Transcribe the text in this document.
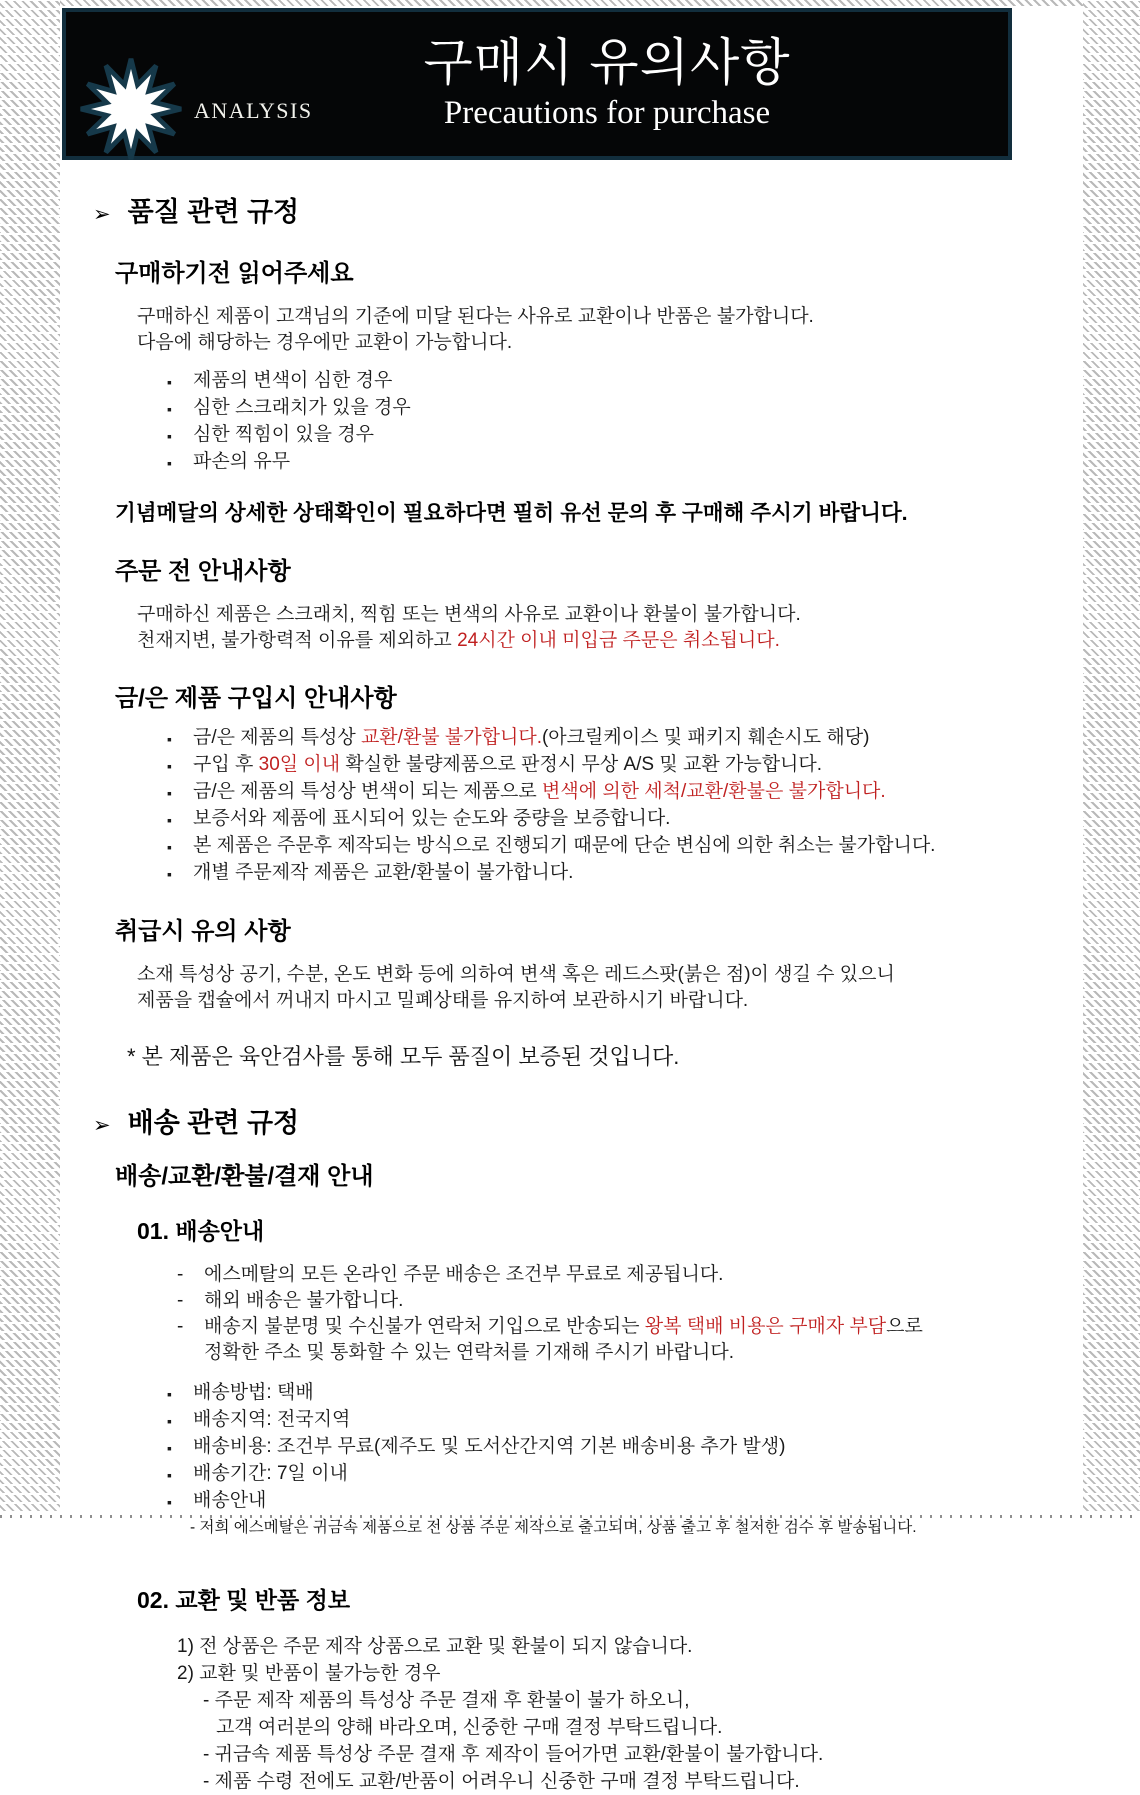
ANALYSIS
구매시 유의사항
Precautions for purchase
➢ 품질 관련 규정
구매하기전 읽어주세요
구매하신 제품이 고객님의 기준에 미달 된다는 사유로 교환이나 반품은 불가합니다.
다음에 해당하는 경우에만 교환이 가능합니다.
▪	제품의 변색이 심한 경우
▪	심한 스크래치가 있을 경우
▪	심한 찍힘이 있을 경우
▪	파손의 유무
기념메달의 상세한 상태확인이 필요하다면 필히 유선 문의 후 구매해 주시기 바랍니다.
주문 전 안내사항
구매하신 제품은 스크래치, 찍힘 또는 변색의 사유로 교환이나 환불이 불가합니다.
천재지변, 불가항력적 이유를 제외하고 24시간 이내 미입금 주문은 취소됩니다.
금/은 제품 구입시 안내사항
▪	금/은 제품의 특성상 교환/환불 불가합니다.(아크릴케이스 및 패키지 훼손시도 해당)
▪	구입 후 30일 이내 확실한 불량제품으로 판정시 무상 A/S 및 교환 가능합니다.
▪	금/은 제품의 특성상 변색이 되는 제품으로 변색에 의한 세척/교환/환불은 불가합니다.
▪	보증서와 제품에 표시되어 있는 순도와 중량을 보증합니다.
▪	본 제품은 주문후 제작되는 방식으로 진행되기 때문에 단순 변심에 의한 취소는 불가합니다.
▪	개별 주문제작 제품은 교환/환불이 불가합니다.
취급시 유의 사항
소재 특성상 공기, 수분, 온도 변화 등에 의하여 변색 혹은 레드스팟(붉은 점)이 생길 수 있으니
제품을 캡슐에서 꺼내지 마시고 밀폐상태를 유지하여 보관하시기 바랍니다.
* 본 제품은 육안검사를 통해 모두 품질이 보증된 것입니다.
➢ 배송 관련 규정
배송/교환/환불/결재 안내
01. 배송안내
-	에스메탈의 모든 온라인 주문 배송은 조건부 무료로 제공됩니다.
-	해외 배송은 불가합니다.
-	배송지 불분명 및 수신불가 연락처 기입으로 반송되는 왕복 택배 비용은 구매자 부담으로
정확한 주소 및 통화할 수 있는 연락처를 기재해 주시기 바랍니다.
▪	배송방법: 택배
▪	배송지역: 전국지역
▪	배송비용: 조건부 무료(제주도 및 도서산간지역 기본 배송비용 추가 발생)
▪	배송기간: 7일 이내
▪	배송안내
- 저희 에스메탈은 귀금속 제품으로 전 상품 주문 제작으로 출고되며, 상품 출고 후 철저한 검수 후 발송됩니다.
02. 교환 및 반품 정보
1) 전 상품은 주문 제작 상품으로 교환 및 환불이 되지 않습니다.
2) 교환 및 반품이 불가능한 경우
- 주문 제작 제품의 특성상 주문 결재 후 환불이 불가 하오니,
고객 여러분의 양해 바라오며, 신중한 구매 결정 부탁드립니다.
- 귀금속 제품 특성상 주문 결재 후 제작이 들어가면 교환/환불이 불가합니다.
- 제품 수령 전에도 교환/반품이 어려우니 신중한 구매 결정 부탁드립니다.
